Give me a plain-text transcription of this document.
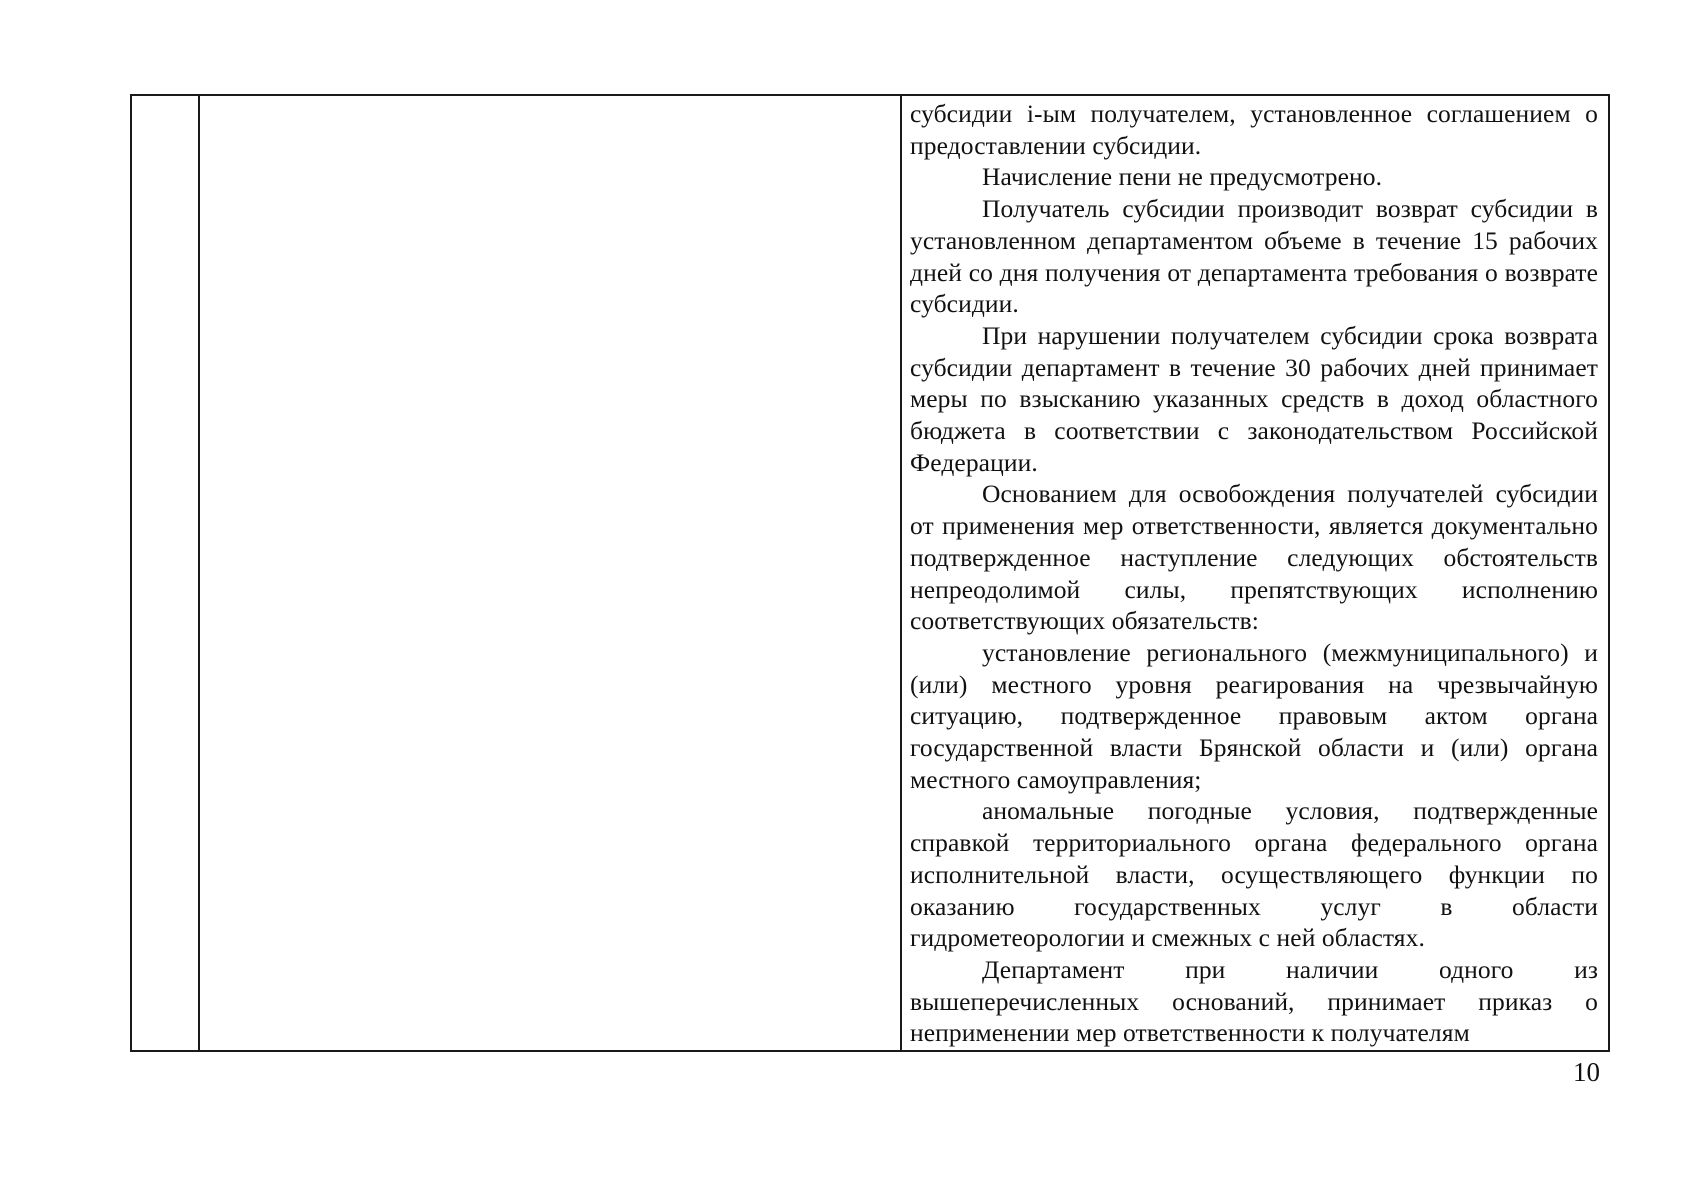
субсидии i-ым получателем, установленное соглашением о предоставлении субсидии.

Начисление пени не предусмотрено.

Получатель субсидии производит возврат субсидии в установленном департаментом объеме в течение 15 рабочих дней со дня получения от департамента требования о возврате субсидии.

При нарушении получателем субсидии срока возврата субсидии департамент в течение 30 рабочих дней принимает меры по взысканию указанных средств в доход областного бюджета в соответствии с законодательством Российской Федерации.

Основанием для освобождения получателей субсидии от применения мер ответственности, является документально подтвержденное наступление следующих обстоятельств непреодолимой силы, препятствующих исполнению соответствующих обязательств:

установление регионального (межмуниципального) и (или) местного уровня реагирования на чрезвычайную ситуацию, подтвержденное правовым актом органа государственной власти Брянской области и (или) органа местного самоуправления;

аномальные погодные условия, подтвержденные справкой территориального органа федерального органа исполнительной власти, осуществляющего функции по оказанию государственных услуг в области гидрометеорологии и смежных с ней областях.

Департамент при наличии одного из вышеперечисленных оснований, принимает приказ о неприменении мер ответственности к получателям

10
